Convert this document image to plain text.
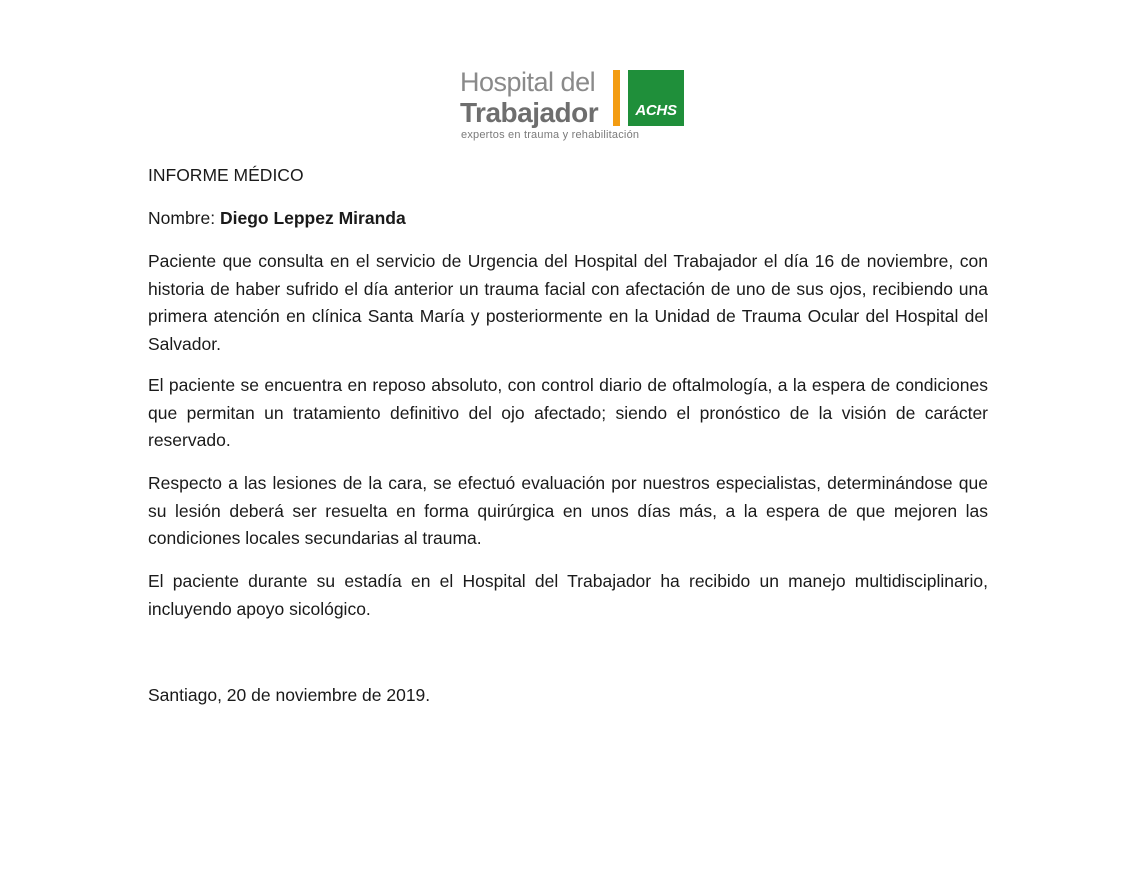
Hospital del
Trabajador	ACHS
expertos en trauma y rehabilitación
INFORME MÉDICO
Nombre: Diego Leppez Miranda

Paciente que consulta en el servicio de Urgencia del Hospital del Trabajador el día 16 de noviembre, con historia de haber sufrido el día anterior un trauma facial con afectación de uno de sus ojos, recibiendo una primera atención en clínica Santa María y posteriormente en la Unidad de Trauma Ocular del Hospital del Salvador.

El paciente se encuentra en reposo absoluto, con control diario de oftalmología, a la espera de condiciones que permitan un tratamiento definitivo del ojo afectado; siendo el pronóstico de la visión de carácter reservado.

Respecto a las lesiones de la cara, se efectuó evaluación por nuestros especialistas, determinándose que su lesión deberá ser resuelta en forma quirúrgica en unos días más, a la espera de que mejoren las condiciones locales secundarias al trauma.

El paciente durante su estadía en el Hospital del Trabajador ha recibido un manejo multidisciplinario, incluyendo apoyo sicológico.

Santiago, 20 de noviembre de 2019.
